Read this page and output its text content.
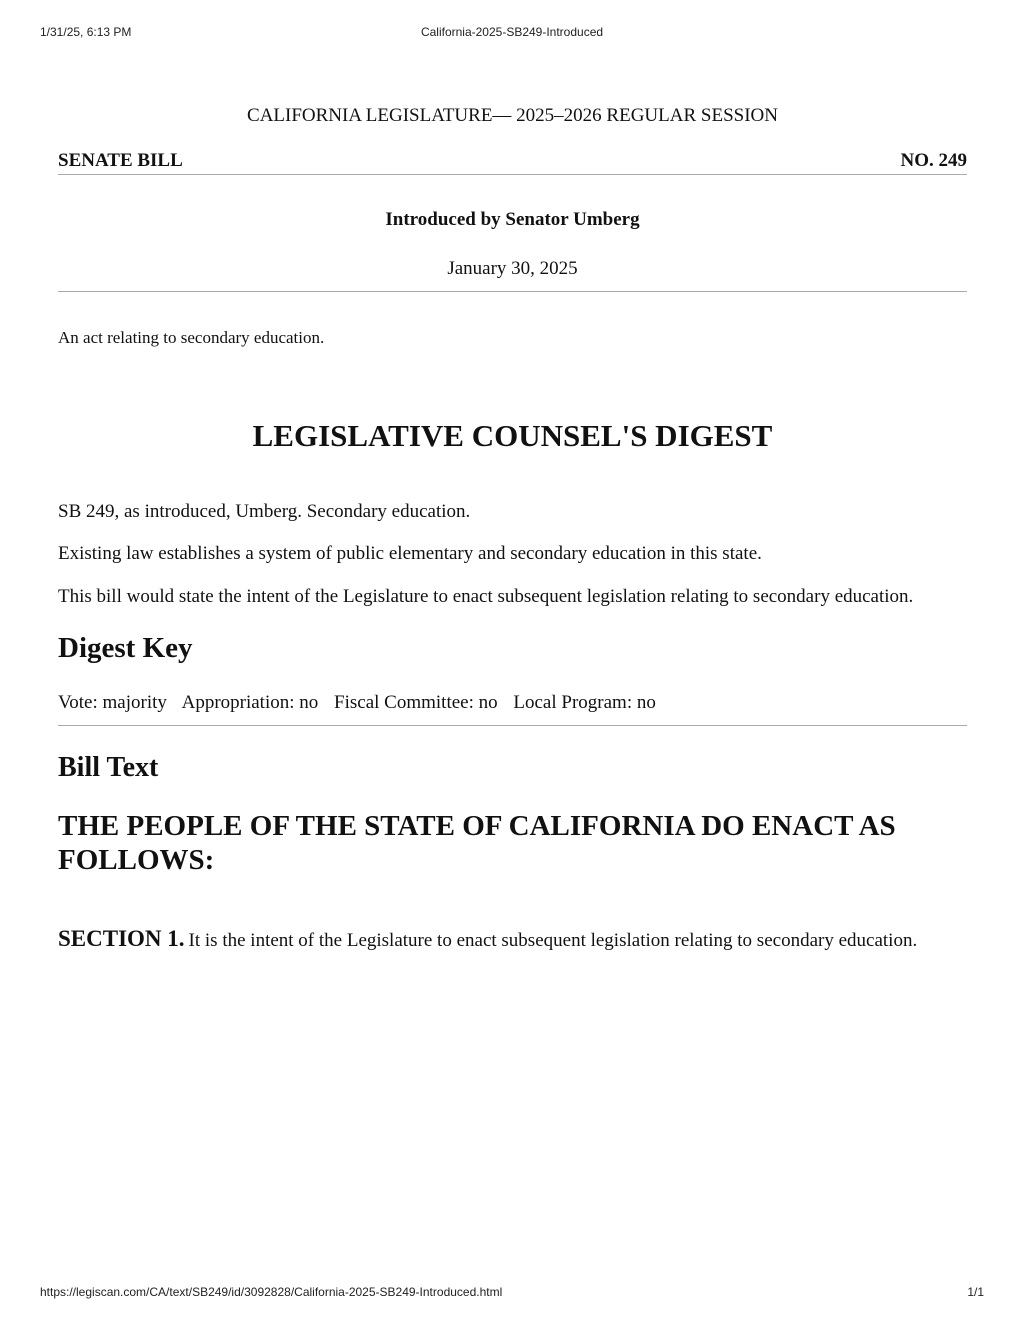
1/31/25, 6:13 PM	California-2025-SB249-Introduced
CALIFORNIA LEGISLATURE— 2025–2026 REGULAR SESSION
SENATE BILL	NO. 249
Introduced by Senator Umberg
January 30, 2025
An act relating to secondary education.
LEGISLATIVE COUNSEL'S DIGEST
SB 249, as introduced, Umberg. Secondary education.
Existing law establishes a system of public elementary and secondary education in this state.
This bill would state the intent of the Legislature to enact subsequent legislation relating to secondary education.
Digest Key
Vote: majority Appropriation: no Fiscal Committee: no Local Program: no
Bill Text
THE PEOPLE OF THE STATE OF CALIFORNIA DO ENACT AS
FOLLOWS:
SECTION 1. It is the intent of the Legislature to enact subsequent legislation relating to secondary education.
https://legiscan.com/CA/text/SB249/id/3092828/California-2025-SB249-Introduced.html	1/1
